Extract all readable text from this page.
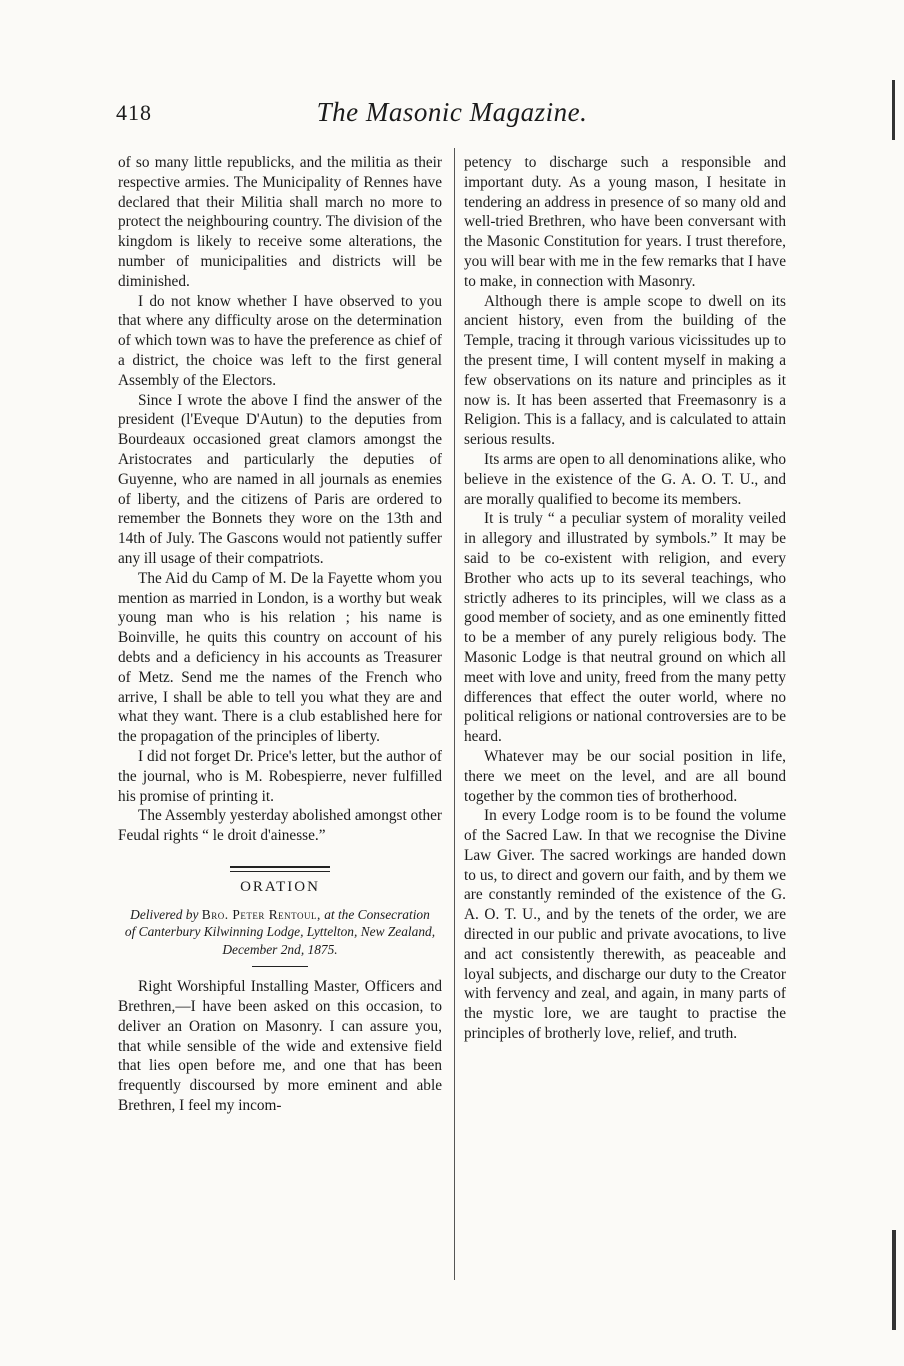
418	The Masonic Magazine.

of so many little republicks, and the militia as their respective armies. The Municipality of Rennes have declared that their Militia shall march no more to protect the neighbouring country. The division of the kingdom is likely to receive some alterations, the number of municipalities and districts will be diminished.

I do not know whether I have observed to you that where any difficulty arose on the determination of which town was to have the preference as chief of a district, the choice was left to the first general Assembly of the Electors.

Since I wrote the above I find the answer of the president (l'Eveque D'Autun) to the deputies from Bourdeaux occasioned great clamors amongst the Aristocrates and particularly the deputies of Guyenne, who are named in all journals as enemies of liberty, and the citizens of Paris are ordered to remember the Bonnets they wore on the 13th and 14th of July. The Gascons would not patiently suffer any ill usage of their compatriots.

The Aid du Camp of M. De la Fayette whom you mention as married in London, is a worthy but weak young man who is his relation ; his name is Boinville, he quits this country on account of his debts and a deficiency in his accounts as Treasurer of Metz. Send me the names of the French who arrive, I shall be able to tell you what they are and what they want. There is a club established here for the propagation of the principles of liberty.

I did not forget Dr. Price's letter, but the author of the journal, who is M. Robespierre, never fulfilled his promise of printing it.

The Assembly yesterday abolished amongst other Feudal rights “ le droit d'ainesse.”

ORATION
Delivered by Bro. Peter Rentoul, at the Consecration of Canterbury Kilwinning Lodge, Lyttelton, New Zealand, December 2nd, 1875.

Right Worshipful Installing Master, Officers and Brethren,—I have been asked on this occasion, to deliver an Oration on Masonry. I can assure you, that while sensible of the wide and extensive field that lies open before me, and one that has been frequently discoursed by more eminent and able Brethren, I feel my incom-

petency to discharge such a responsible and important duty. As a young mason, I hesitate in tendering an address in presence of so many old and well-tried Brethren, who have been conversant with the Masonic Constitution for years. I trust therefore, you will bear with me in the few remarks that I have to make, in connection with Masonry.

Although there is ample scope to dwell on its ancient history, even from the building of the Temple, tracing it through various vicissitudes up to the present time, I will content myself in making a few observations on its nature and principles as it now is. It has been asserted that Freemasonry is a Religion. This is a fallacy, and is calculated to attain serious results.

Its arms are open to all denominations alike, who believe in the existence of the G. A. O. T. U., and are morally qualified to become its members.

It is truly “ a peculiar system of morality veiled in allegory and illustrated by symbols.” It may be said to be co-existent with religion, and every Brother who acts up to its several teachings, who strictly adheres to its principles, will we class as a good member of society, and as one eminently fitted to be a member of any purely religious body. The Masonic Lodge is that neutral ground on which all meet with love and unity, freed from the many petty differences that effect the outer world, where no political religions or national controversies are to be heard.

Whatever may be our social position in life, there we meet on the level, and are all bound together by the common ties of brotherhood.

In every Lodge room is to be found the volume of the Sacred Law. In that we recognise the Divine Law Giver. The sacred workings are handed down to us, to direct and govern our faith, and by them we are constantly reminded of the existence of the G. A. O. T. U., and by the tenets of the order, we are directed in our public and private avocations, to live and act consistently therewith, as peaceable and loyal subjects, and discharge our duty to the Creator with fervency and zeal, and again, in many parts of the mystic lore, we are taught to practise the principles of brotherly love, relief, and truth.
